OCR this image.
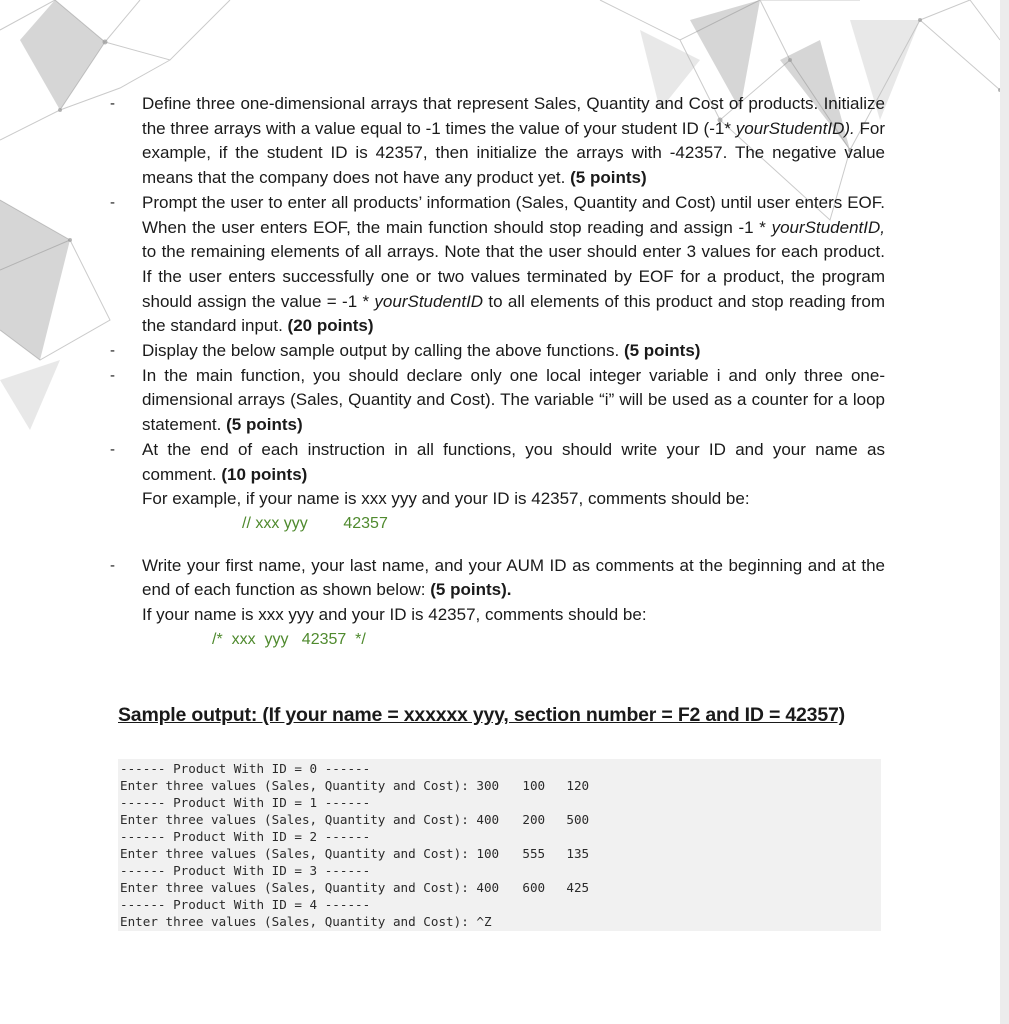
-	Define three one-dimensional arrays that represent Sales, Quantity and Cost of products. Initialize the three arrays with a value equal to -1 times the value of your student ID (-1* yourStudentID). For example, if the student ID is 42357, then initialize the arrays with -42357. The negative value means that the company does not have any product yet. (5 points)

-	Prompt the user to enter all products’ information (Sales, Quantity and Cost) until user enters EOF. When the user enters EOF, the main function should stop reading and assign -1 * yourStudentID, to the remaining elements of all arrays. Note that the user should enter 3 values for each product. If the user enters successfully one or two values terminated by EOF for a product, the program should assign the value = -1 * yourStudentID to all elements of this product and stop reading from the standard input. (20 points)

-	Display the below sample output by calling the above functions. (5 points)

-	In the main function, you should declare only one local integer variable i and only three one-dimensional arrays (Sales, Quantity and Cost). The variable “i” will be used as a counter for a loop statement. (5 points)

-	At the end of each instruction in all functions, you should write your ID and your name as comment. (10 points)

For example, if your name is xxx yyy and your ID is 42357, comments should be:

// xxx yyy        42357

-	Write your first name, your last name, and your AUM ID as comments at the beginning and at the end of each function as shown below: (5 points).

If your name is xxx yyy and your ID is 42357, comments should be:

/*  xxx  yyy   42357  */

Sample output: (If your name = xxxxxx yyy, section number = F2 and ID = 42357)
------ Product With ID = 0 ------
Enter three values (Sales, Quantity and Cost): 300 100 120
------ Product With ID = 1 ------
Enter three values (Sales, Quantity and Cost): 400 200 500
------ Product With ID = 2 ------
Enter three values (Sales, Quantity and Cost): 100 555 135
------ Product With ID = 3 ------
Enter three values (Sales, Quantity and Cost): 400 600 425
------ Product With ID = 4 ------
Enter three values (Sales, Quantity and Cost): ^Z
